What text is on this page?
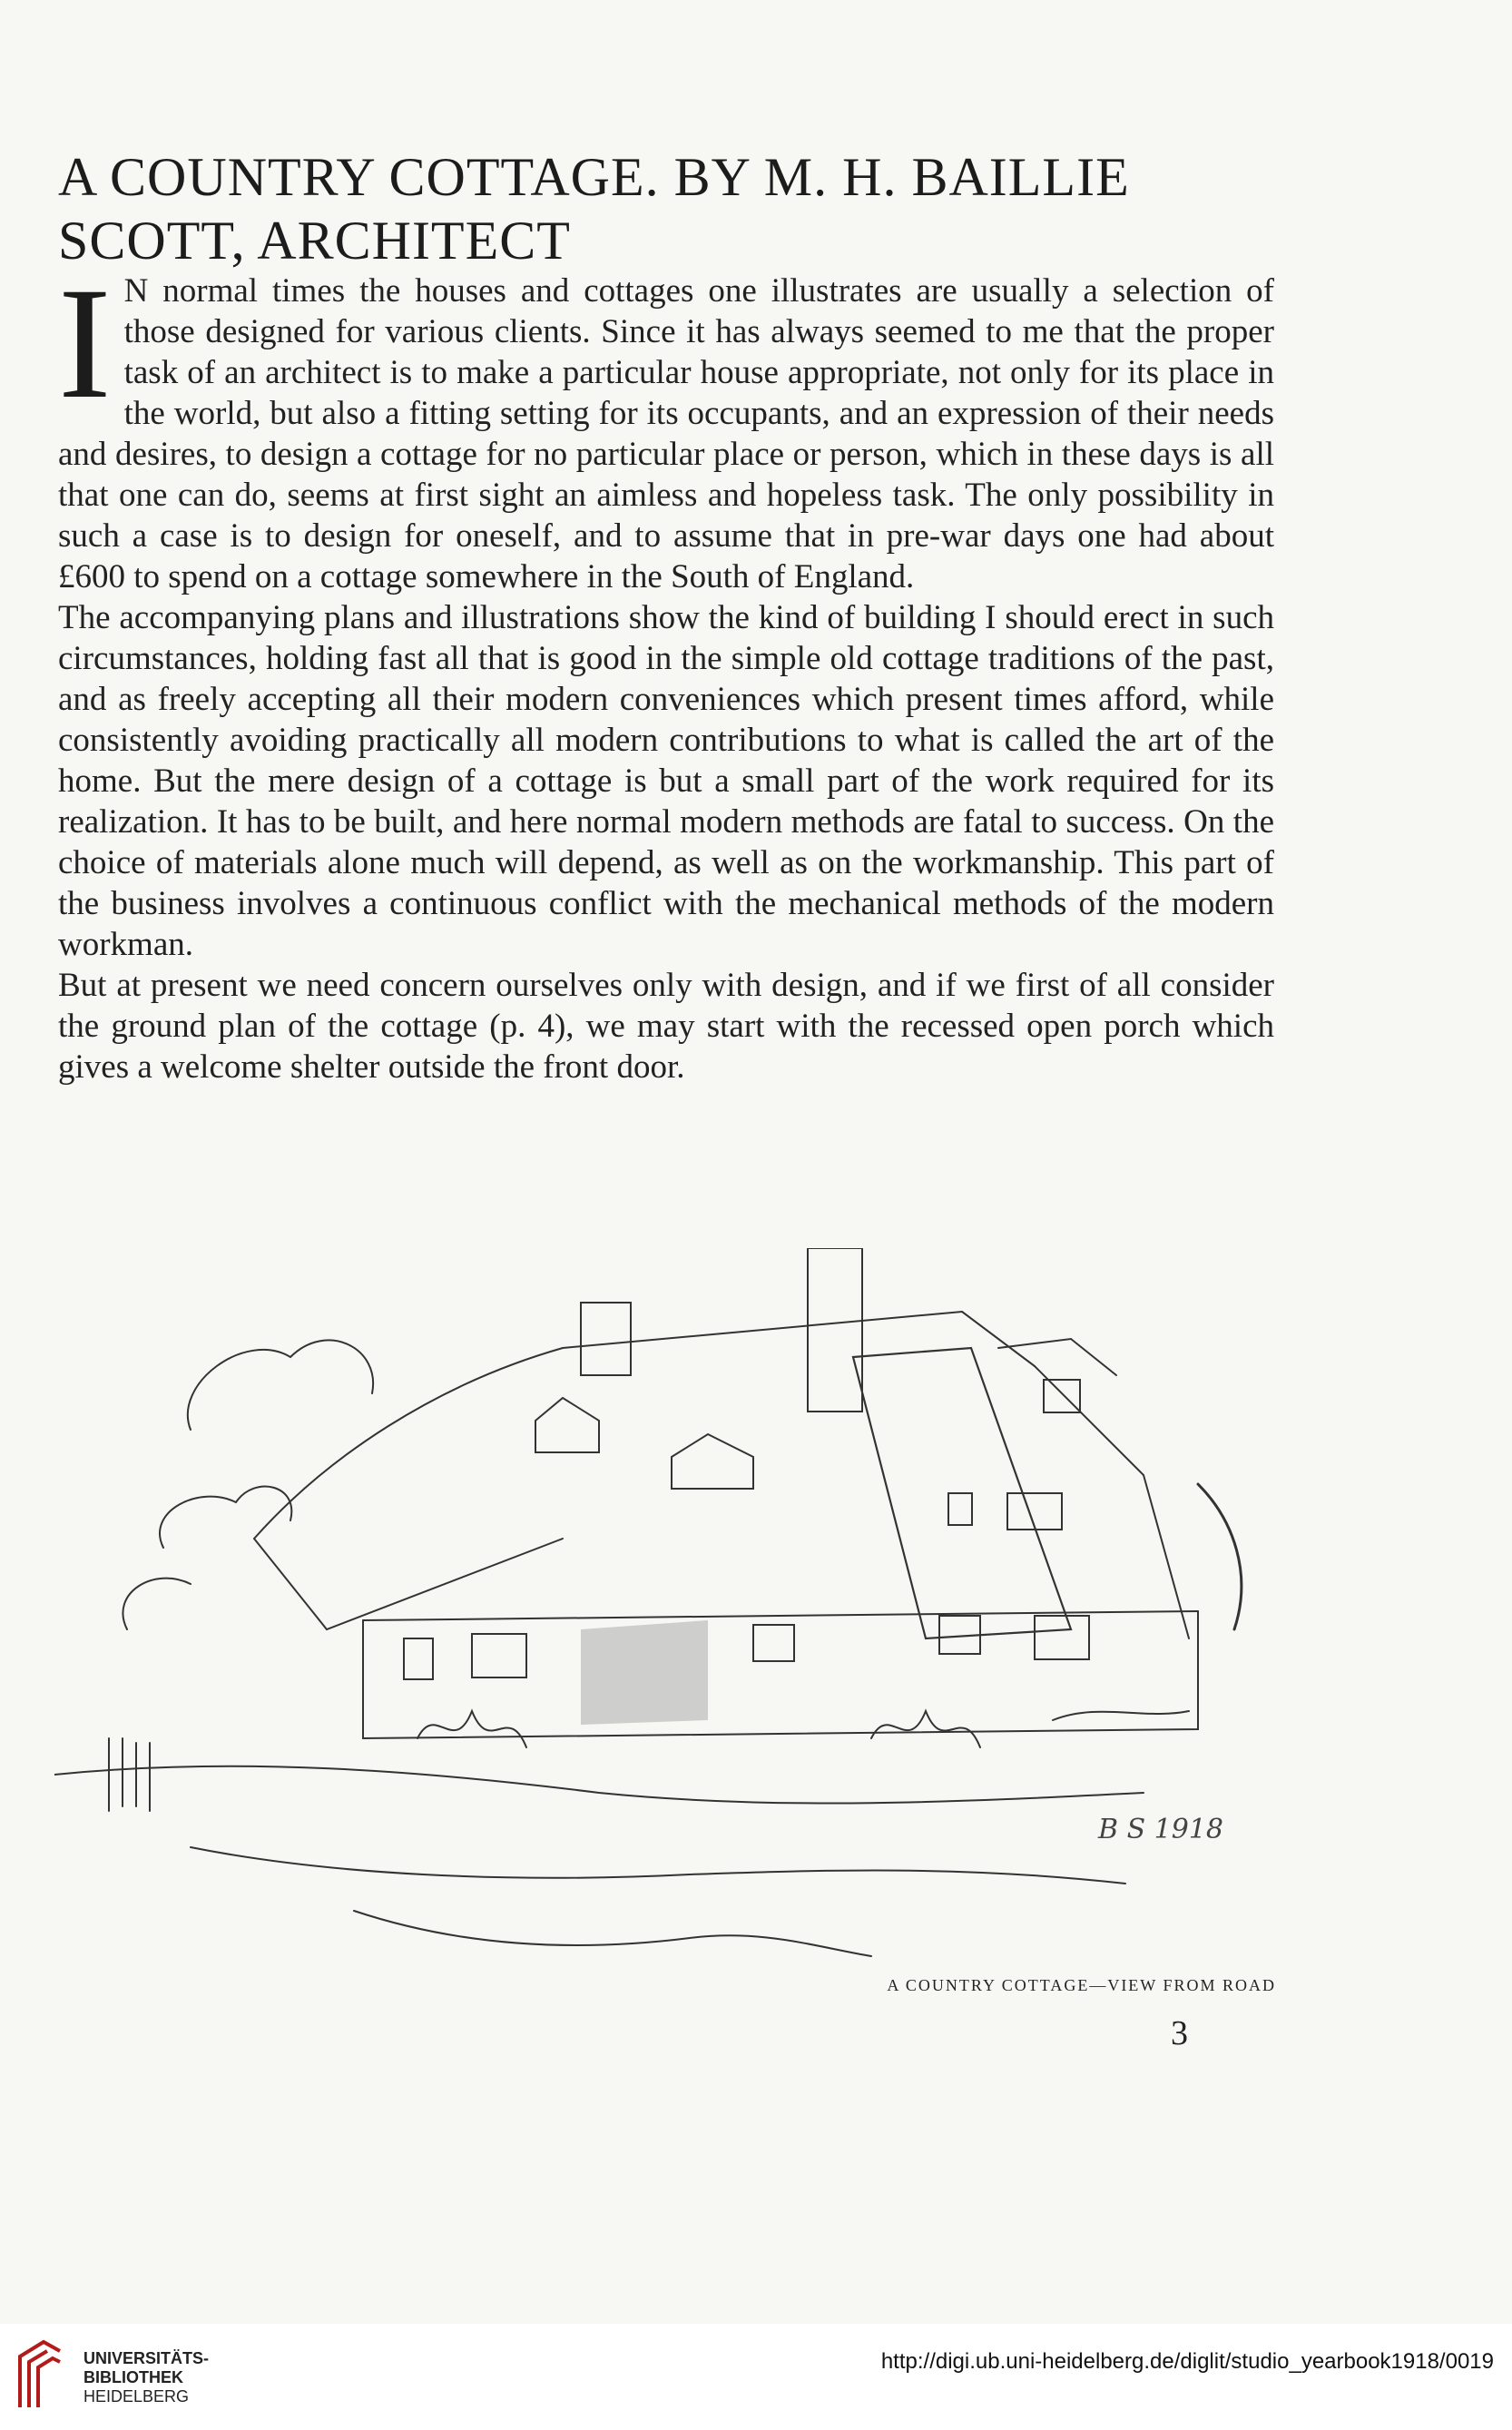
A COUNTRY COTTAGE. BY M. H. BAILLIE SCOTT, ARCHITECT

I N normal times the houses and cottages one illustrates are usually a selection of those designed for various clients. Since it has always seemed to me that the proper task of an architect is to make a particular house appropriate, not only for its place in the world, but also a fitting setting for its occupants, and an expression of their needs and desires, to design a cottage for no particular place or person, which in these days is all that one can do, seems at first sight an aimless and hopeless task. The only possibility in such a case is to design for oneself, and to assume that in pre-war days one had about £600 to spend on a cottage somewhere in the South of England.

The accompanying plans and illustrations show the kind of building I should erect in such circumstances, holding fast all that is good in the simple old cottage traditions of the past, and as freely accepting all their modern conveniences which present times afford, while consistently avoiding practically all modern contributions to what is called the art of the home. But the mere design of a cottage is but a small part of the work required for its realization. It has to be built, and here normal modern methods are fatal to success. On the choice of materials alone much will depend, as well as on the workmanship. This part of the business involves a continuous conflict with the mechanical methods of the modern workman.

But at present we need concern ourselves only with design, and if we first of all consider the ground plan of the cottage (p. 4), we may start with the recessed open porch which gives a welcome shelter outside the front door.

B S 1918
A COUNTRY COTTAGE—VIEW FROM ROAD
3
UNIVERSITÄTS-
BIBLIOTHEK
HEIDELBERG
http://digi.ub.uni-heidelberg.de/diglit/studio_yearbook1918/0019
